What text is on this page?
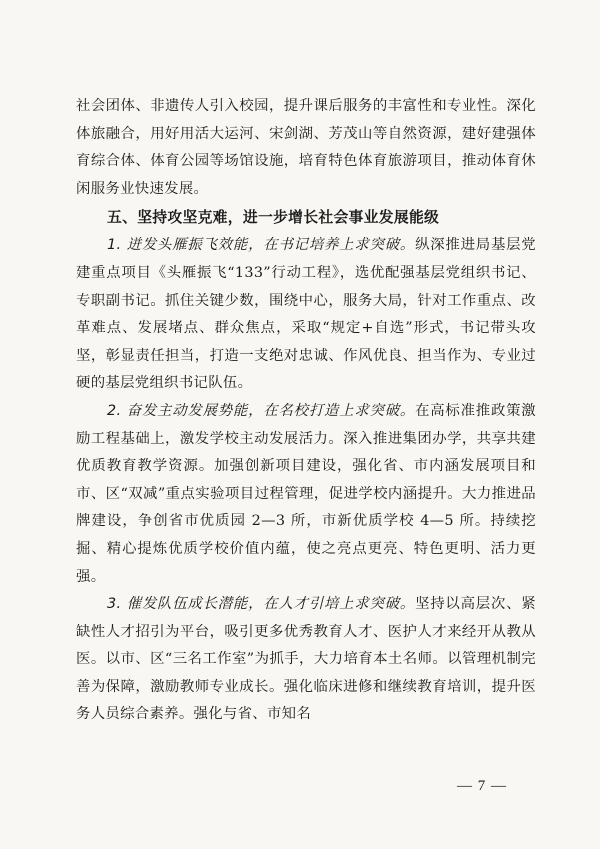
社会团体、非遗传人引入校园，提升课后服务的丰富性和专业性。深化体旅融合，用好用活大运河、宋剑湖、芳茂山等自然资源，建好建强体育综合体、体育公园等场馆设施，培育特色体育旅游项目，推动体育休闲服务业快速发展。

五、坚持攻坚克难，进一步增长社会事业发展能级

1. 迸发头雁振飞效能，在书记培养上求突破。纵深推进局基层党建重点项目《头雁振飞“133”行动工程》，选优配强基层党组织书记、专职副书记。抓住关键少数，围绕中心，服务大局，针对工作重点、改革难点、发展堵点、群众焦点，采取“规定+自选”形式，书记带头攻坚，彰显责任担当，打造一支绝对忠诚、作风优良、担当作为、专业过硬的基层党组织书记队伍。

2. 奋发主动发展势能，在名校打造上求突破。在高标准推政策激励工程基础上，激发学校主动发展活力。深入推进集团办学，共享共建优质教育教学资源。加强创新项目建设，强化省、市内涵发展项目和市、区“双减”重点实验项目过程管理，促进学校内涵提升。大力推进品牌建设，争创省市优质园 2—3 所，市新优质学校 4—5 所。持续挖掘、精心提炼优质学校价值内蕴，使之亮点更亮、特色更明、活力更强。

3. 催发队伍成长潜能，在人才引培上求突破。坚持以高层次、紧缺性人才招引为平台，吸引更多优秀教育人才、医护人才来经开从教从医。以市、区“三名工作室”为抓手，大力培育本土名师。以管理机制完善为保障，激励教师专业成长。强化临床进修和继续教育培训，提升医务人员综合素养。强化与省、市知名

— 7 —
